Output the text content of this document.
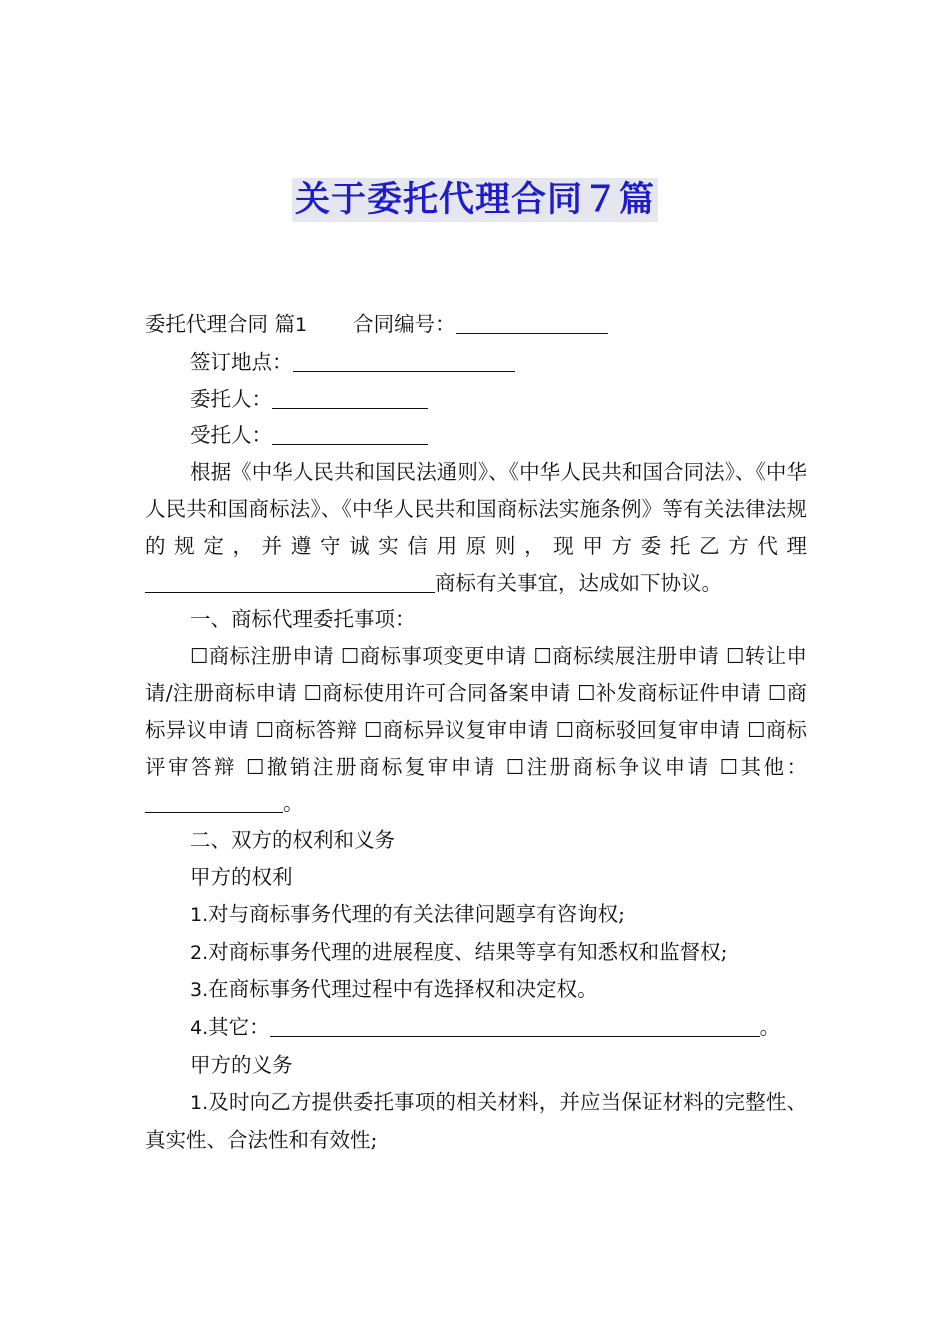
关于委托代理合同７篇

委托代理合同 篇1 合同编号：

签订地点：

委托人：

受托人：

根据《中华人民共和国民法通则》、《中华人民共和国合同法》、《中华人民共和国商标法》、《中华人民共和国商标法实施条例》等有关法律法规的规定，并遵守诚实信用原则，现甲方委托乙方代理商标有关事宜，达成如下协议。

一、商标代理委托事项：

☐商标注册申请 ☐商标事项变更申请 ☐商标续展注册申请 ☐转让申请/注册商标申请 ☐商标使用许可合同备案申请 ☐补发商标证件申请 ☐商标异议申请 ☐商标答辩 ☐商标异议复审申请 ☐商标驳回复审申请 ☐商标评审答辩 ☐撤销注册商标复审申请 ☐注册商标争议申请 ☐其他：。

二、双方的权利和义务

甲方的权利

1.对与商标事务代理的有关法律问题享有咨询权;

2.对商标事务代理的进展程度、结果等享有知悉权和监督权;

3.在商标事务代理过程中有选择权和决定权。

4.其它：	。

甲方的义务

1.及时向乙方提供委托事项的相关材料，并应当保证材料的完整性、真实性、合法性和有效性;
